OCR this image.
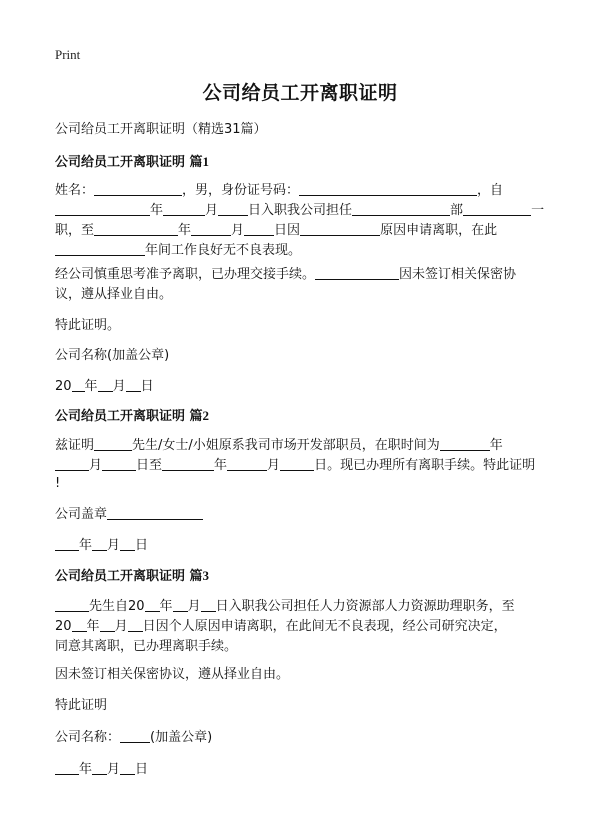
Print
公司给员工开离职证明
公司给员工开离职证明（精选31篇）
公司给员工开离职证明 篇1
姓名：	，男，身份证号码：	，自
年	月 日入职我公司担任	部	一
职，至	年	月 日因	原因申请离职，在此
年间工作良好无不良表现。
经公司慎重思考准予离职，已办理交接手续。	因未签订相关保密协
议，遵从择业自由。
特此证明。
公司名称(加盖公章)
20 年 月 日
公司给员工开离职证明 篇2
兹证明	先生/女士/小姐原系我司市场开发部职员，在职时间为	年
月	日至	年	月	日。现已办理所有离职手续。特此证明
!
公司盖章
年 月 日
公司给员工开离职证明 篇3
先生自20 年 月 日入职我公司担任人力资源部人力资源助理职务，至
20 年 月 日因个人原因申请离职，在此间无不良表现，经公司研究决定，
同意其离职，已办理离职手续。
因未签订相关保密协议，遵从择业自由。
特此证明
公司名称： (加盖公章)
年 月 日
